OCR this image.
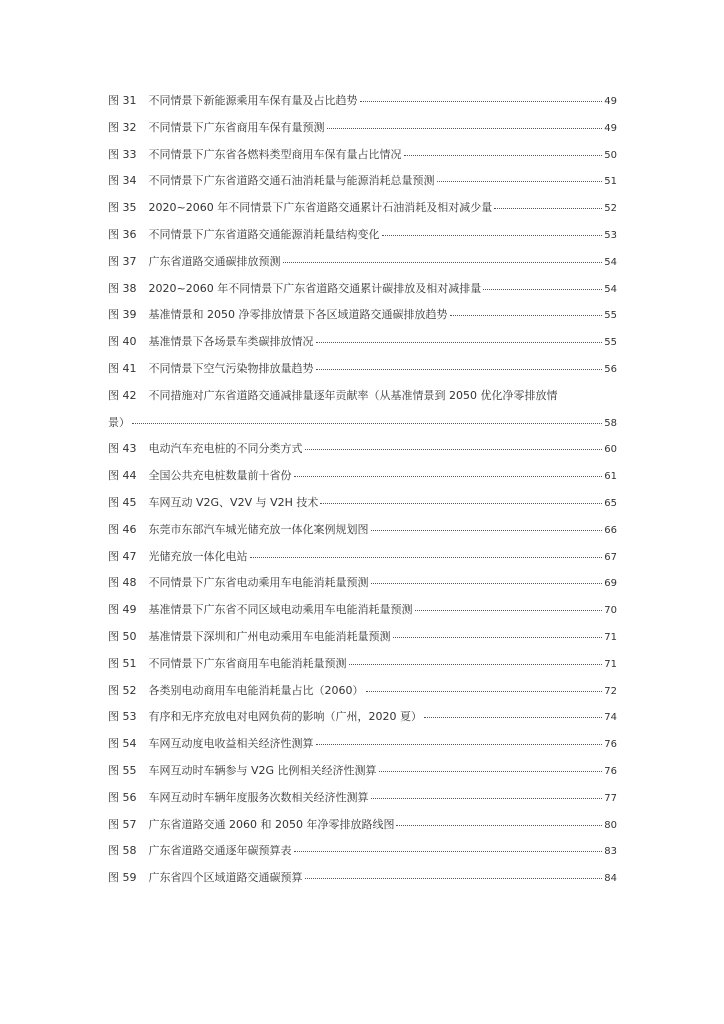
图 31 不同情景下新能源乘用车保有量及占比趋势	49
图 32 不同情景下广东省商用车保有量预测	49
图 33 不同情景下广东省各燃料类型商用车保有量占比情况	50
图 34 不同情景下广东省道路交通石油消耗量与能源消耗总量预测	51
图 35 2020~2060 年不同情景下广东省道路交通累计石油消耗及相对减少量	52
图 36 不同情景下广东省道路交通能源消耗量结构变化	53
图 37 广东省道路交通碳排放预测	54
图 38 2020~2060 年不同情景下广东省道路交通累计碳排放及相对减排量	54
图 39 基准情景和 2050 净零排放情景下各区域道路交通碳排放趋势	55
图 40 基准情景下各场景车类碳排放情况	55
图 41 不同情景下空气污染物排放量趋势	56
图 42 不同措施对广东省道路交通减排量逐年贡献率（从基准情景到 2050 优化净零排放情
景）	58
图 43 电动汽车充电桩的不同分类方式	60
图 44 全国公共充电桩数量前十省份	61
图 45 车网互动 V2G、V2V 与 V2H 技术	65
图 46 东莞市东部汽车城光储充放一体化案例规划图	66
图 47 光储充放一体化电站	67
图 48 不同情景下广东省电动乘用车电能消耗量预测	69
图 49 基准情景下广东省不同区域电动乘用车电能消耗量预测	70
图 50 基准情景下深圳和广州电动乘用车电能消耗量预测	71
图 51 不同情景下广东省商用车电能消耗量预测	71
图 52 各类别电动商用车电能消耗量占比（2060）	72
图 53 有序和无序充放电对电网负荷的影响（广州，2020 夏）	74
图 54 车网互动度电收益相关经济性测算	76
图 55 车网互动时车辆参与 V2G 比例相关经济性测算	76
图 56 车网互动时车辆年度服务次数相关经济性测算	77
图 57 广东省道路交通 2060 和 2050 年净零排放路线图	80
图 58 广东省道路交通逐年碳预算表	83
图 59 广东省四个区域道路交通碳预算	84
